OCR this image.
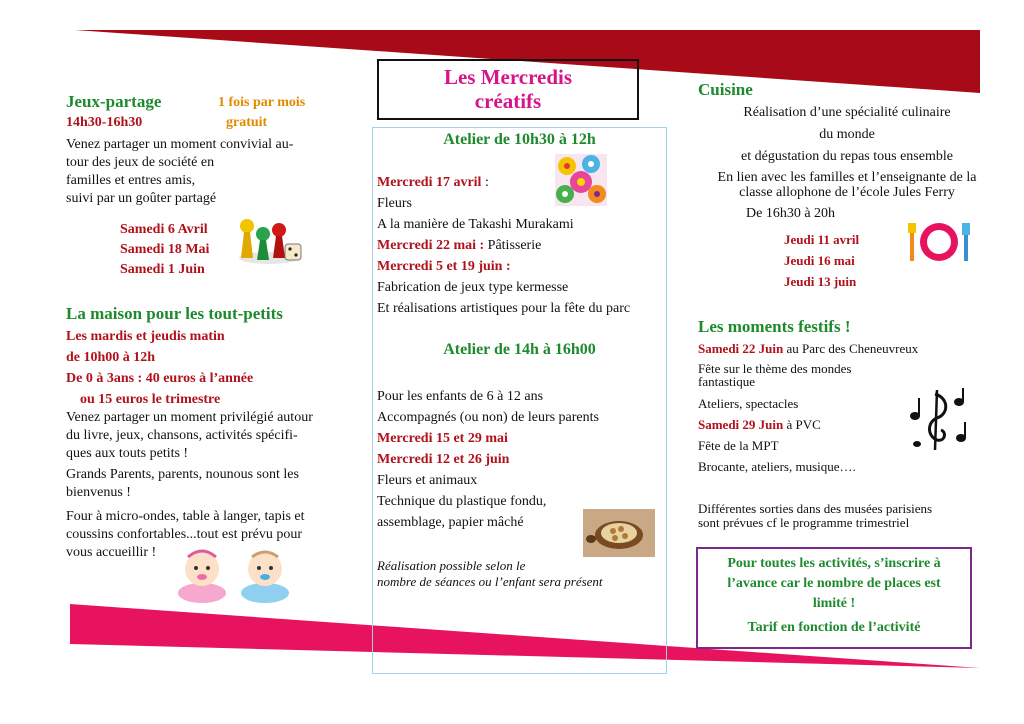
Jeux-partage	1 fois par mois
gratuit
14h30-16h30
Venez partager un moment convivial au-
tour des jeux de société en
familles et entres amis,
suivi par un goûter partagé
Samedi 6 Avril
Samedi 18 Mai
Samedi 1 Juin
La maison pour les tout-petits
Les mardis et jeudis matin
de 10h00 à 12h
De 0 à 3ans : 40 euros à l’année
ou 15 euros le trimestre
Venez partager un moment privilégié autour
du livre, jeux, chansons, activités spécifi-
ques aux touts petits !
Grands Parents, parents, nounous sont les
bienvenus !
Four à micro-ondes, table à langer, tapis et
coussins confortables...tout est prévu pour
vous accueillir !
Les Mercredis
créatifs
Atelier de 10h30 à 12h
Mercredi 17 avril :
Fleurs
A la manière de Takashi Murakami
Mercredi 22 mai : Pâtisserie
Mercredi 5 et 19 juin :
Fabrication de jeux type kermesse
Et réalisations artistiques pour la fête du parc
Atelier de 14h à 16h00
Pour les enfants de 6 à 12 ans
Accompagnés (ou non) de leurs parents
Mercredi 15 et 29 mai
Mercredi 12 et 26 juin
Fleurs et animaux
Technique du plastique fondu,
assemblage, papier mâché
Réalisation possible selon le
nombre de séances ou l’enfant sera présent
Cuisine
Réalisation d’une spécialité culinaire
du monde
et dégustation du repas tous ensemble
En lien avec les familles et l’enseignante de la
classe allophone de l’école Jules Ferry
De 16h30 à 20h
Jeudi 11 avril
Jeudi 16 mai
Jeudi 13 juin
Les moments festifs !
Samedi 22 Juin au Parc des Cheneuvreux
Fête sur le thème des mondes
fantastique
Ateliers, spectacles
Samedi 29 Juin à PVC
Fête de la MPT
Brocante, ateliers, musique….
Différentes sorties dans des musées parisiens
sont prévues cf le programme trimestriel
Pour toutes les activités, s’inscrire à
l’avance car le nombre de places est
limité !
Tarif en fonction de l’activité
